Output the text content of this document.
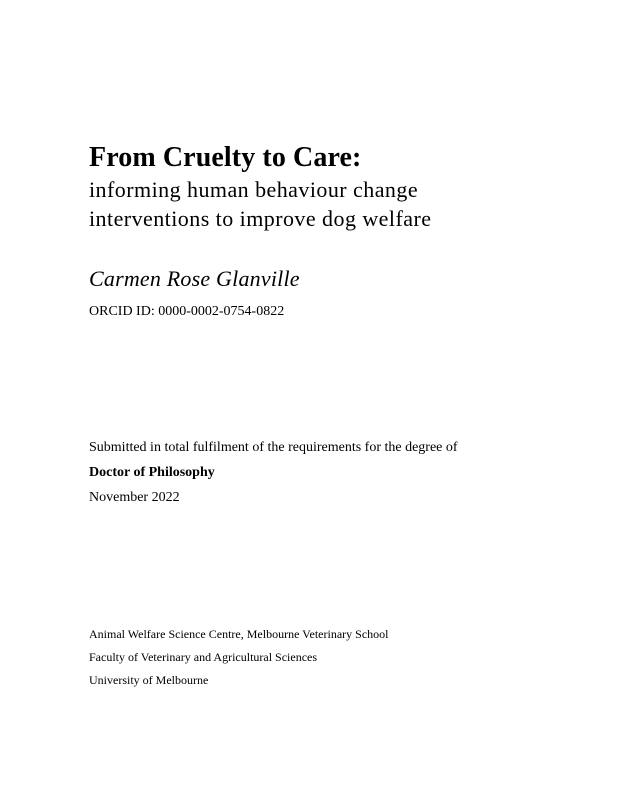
From Cruelty to Care:

informing human behaviour change

interventions to improve dog welfare

Carmen Rose Glanville

ORCID ID: 0000-0002-0754-0822

Submitted in total fulfilment of the requirements for the degree of

Doctor of Philosophy

November 2022

Animal Welfare Science Centre, Melbourne Veterinary School

Faculty of Veterinary and Agricultural Sciences

University of Melbourne
